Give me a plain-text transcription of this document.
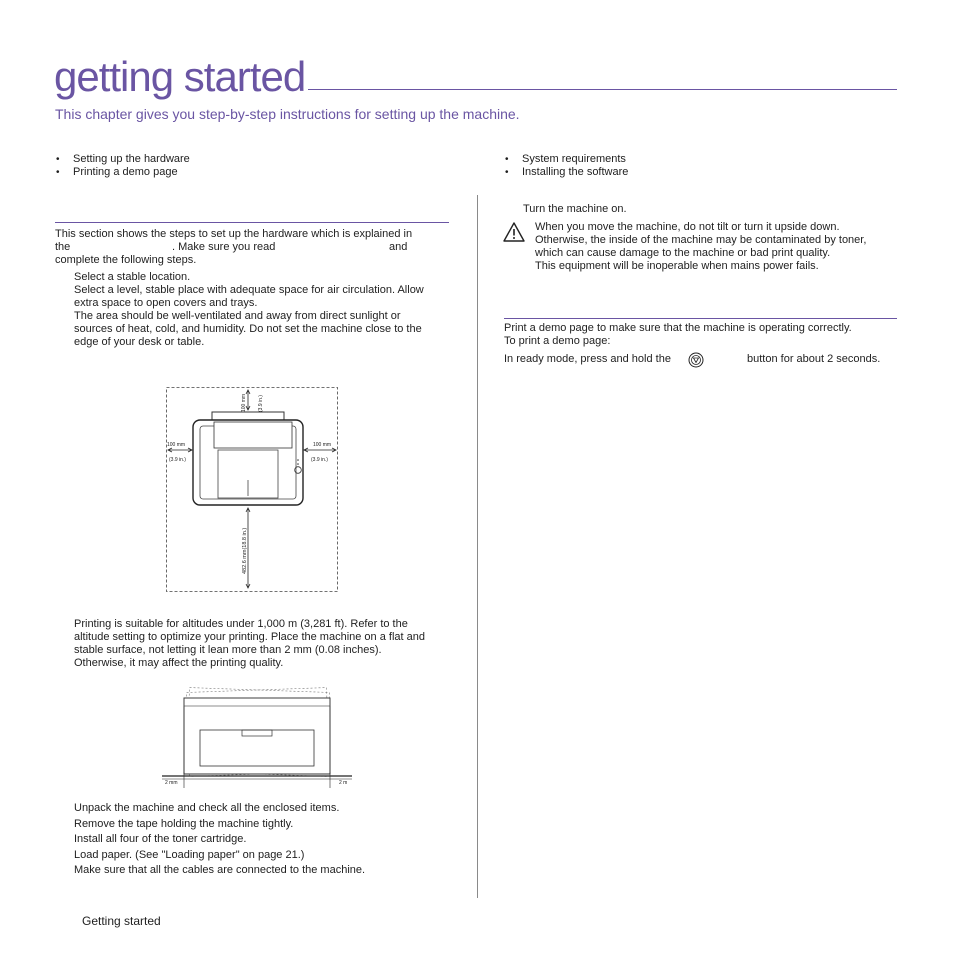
getting started
This chapter gives you step-by-step instructions for setting up the machine.
• Setting up the hardware
• Printing a demo page
• System requirements
• Installing the software
This section shows the steps to set up the hardware which is explained in
the	. Make sure you read	and
complete the following steps.
Select a stable location.
Select a level, stable place with adequate space for air circulation. Allow
extra space to open covers and trays.
The area should be well-ventilated and away from direct sunlight or
sources of heat, cold, and humidity. Do not set the machine close to the
edge of your desk or table.
100 mm (3.9 in.)
100 mm
(3.9 in.)
100 mm
(3.9 in.)
482.6 mm(18.8 in.)
Printing is suitable for altitudes under 1,000 m (3,281 ft). Refer to the
altitude setting to optimize your printing. Place the machine on a flat and
stable surface, not letting it lean more than 2 mm (0.08 inches).
Otherwise, it may affect the printing quality.
2 mm	2 m
Unpack the machine and check all the enclosed items.
Remove the tape holding the machine tightly.
Install all four of the toner cartridge.
Load paper. (See "Loading paper" on page 21.)
Make sure that all the cables are connected to the machine.
Turn the machine on.
When you move the machine, do not tilt or turn it upside down.
Otherwise, the inside of the machine may be contaminated by toner,
which can cause damage to the machine or bad print quality.
This equipment will be inoperable when mains power fails.
Print a demo page to make sure that the machine is operating correctly.
To print a demo page:
In ready mode, press and hold the	button for about 2 seconds.
Getting started
